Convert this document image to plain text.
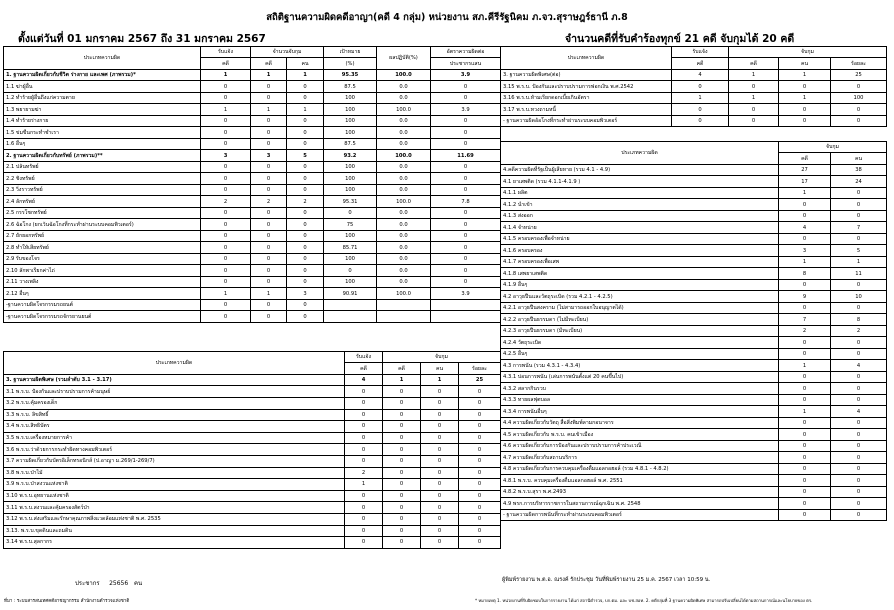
สถิติฐานความผิดคดีอาญา(คดี 4 กลุ่ม) หน่วยงาน สภ.คีรีรัฐนิคม ภ.จว.สุราษฎร์ธานี ภ.8
ตั้งแต่วันที่ 01 มกราคม 2567 ถึง 31 มกราคม 2567	จำนวนคดีที่รับคำร้องทุกข์ 21 คดี จับกุมได้ 20 คดี
ประเภทความผิด	รับแจ้ง	จำนวนจับกุม		เป้าหมาย	ผลปฏิบัติ(%)	อัตราความผิดต่อ
	คดี	คดี	คน	(%)		ประชากรแสน
1. ฐานความผิดเกี่ยวกับชีวิต ร่างกาย และเพศ (ภาพรวม)*	1	1	1	95.35	100.0	3.9
1.1 ฆ่าผู้อื่น	0	0	0	87.5	0.0	0
1.2 ทำร้ายผู้อื่นถึงแก่ความตาย	0	0	0	100	0.0	0
1.3 พยายามฆ่า	1	1	1	100	100.0	3.9
1.4 ทำร้ายร่างกาย	0	0	0	100	0.0	0
1.5 ข่มขืนกระทำชำเรา	0	0	0	100	0.0	0
1.6 อื่นๆ	0	0	0	87.5	0.0	0
2. ฐานความผิดเกี่ยวกับทรัพย์ (ภาพรวม)**	3	3	5	93.2	100.0	11.69
2.1 ปล้นทรัพย์	0	0	0	100	0.0	0
2.2 ชิงทรัพย์	0	0	0	100	0.0	0
2.3 วิ่งราวทรัพย์	0	0	0	100	0.0	0
2.4 ลักทรัพย์	2	2	2	95.31	100.0	7.8
2.5 กรรโชกทรัพย์	0	0	0	0	0.0	0
2.6 ฉ้อโกง (ยกเว้นฉ้อโกงที่กระทำผ่านระบบคอมพิวเตอร์)	0	0	0	75	0.0	0
2.7 ยักยอกทรัพย์	0	0	0	100	0.0	0
2.8 ทำให้เสียทรัพย์	0	0	0	85.71	0.0	0
2.9 รับของโจร	0	0	0	100	0.0	0
2.10 ลักพาเรียกค่าไถ่	0	0	0	0	0.0	0
2.11 วางเพลิง	0	0	0	100	0.0	0
2.12 อื่นๆ	1	1	3	90.91	100.0	3.9
-ฐานความผิดโจรกรรมรถยนต์	0	0	0			
-ฐานความผิดโจรกรรมรถจักรยานยนต์	0	0	0			
ประเภทความผิด	รับแจ้ง	จับกุม		
	คดี	คดี	คน	ร้อยละ
3. ฐานความผิดพิเศษ (รวมลำดับ 3.1 - 3.17)	4	1	1	25
3.1 พ.ร.บ. ป้องกันและปราบปรามการค้ามนุษย์	0	0	0	0
3.2 พ.ร.บ.คุ้มครองเด็ก	0	0	0	0
3.3 พ.ร.บ. ลิขสิทธิ์	0	0	0	0
3.4 พ.ร.บ.สิทธิบัตร	0	0	0	0
3.5 พ.ร.บ.เครื่องหมายการค้า	0	0	0	0
3.6 พ.ร.บ.ว่าด้วยการกระทำผิดทางคอมพิวเตอร์	0	0	0	0
3.7 ความผิดเกี่ยวกับบัตรอิเล็กทรอนิกส์ (ป.อาญา ม.269/1-269/7)	0	0	0	0
3.8 พ.ร.บ.ป่าไม้	2	0	0	0
3.9 พ.ร.บ.ป่าสงวนแห่งชาติ	1	0	0	0
3.10 พ.ร.บ.อุทยานแห่งชาติ	0	0	0	0
3.11 พ.ร.บ.สงวนและคุ้มครองสัตว์ป่า	0	0	0	0
3.12 พ.ร.บ.ส่งเสริมและรักษาคุณภาพสิ่งแวดล้อมแห่งชาติ พ.ศ. 2535	0	0	0	0
3.13. พ.ร.บ.ขุดดินและถมดิน	0	0	0	0
3.14 พ.ร.บ.สุลกากร	0	0	0	0
ประชากร 25656 คน
ประเภทความผิด	รับแจ้ง	จับกุม		
	คดี	คดี	คน	ร้อยละ
3. ฐานความผิดพิเศษ(ต่อ)	4	1	1	25
3.15 พ.ร.บ. ป้องกันและปราบปรามการฟอกเงิน พ.ศ.2542	0	0	0	0
3.16 พ.ร.บ.ห้ามเรียกดอกเบี้ยเกินอัตรา	1	1	1	100
3.17 พ.ร.บ.ทวงถามหนี้	0	0	0	0
- ฐานความผิดอ้อโกงที่กระทำผ่านระบบคอมพิวเตอร์	0	0	0	0
ประเภทความผิด	จับกุม	
	คดี	คน
4.คดีความผิดที่รัฐเป็นผู้เสียหาย (รวม 4.1 - 4.9)	27	38
4.1 ยาเสพติด (รวม 4.1.1-4.1.9 )	17	24
4.1.1 ผลิต	1	0
4.1.2 นำเข้า	0	0
4.1.3 ส่งออก	0	0
4.1.4 จำหน่าย	4	7
4.1.5 ครอบครองเพื่อจำหน่าย	0	0
4.1.6 ครอบครอง	3	5
4.1.7 ครอบครองเพื่อเสพ	1	1
4.1.8 เสพยาเสพติด	8	11
4.1.9 อื่นๆ	0	0
4.2 อาวุธปืนและวัตถุระเบิด (รวม 4.2.1 - 4.2.5)	9	10
4.2.1 อาวุธปืนสงคราม (ไม่สามารถออกใบอนุญาตได้)	0	0
4.2.2 อาวุธปืนธรรมดา (ไม่มีทะเบียน)	7	8
4.2.3 อาวุธปืนธรรมดา (มีทะเบียน)	2	2
4.2.4 วัตถุระเบิด	0	0
4.2.5 อื่นๆ	0	0
4.3 การพนัน (รวม 4.3.1 - 4.3.4)	1	4
4.3.1 บ่อนการพนัน (เล่นการพนันตั้งแต่ 20 คนขึ้นไป)	0	0
4.3.2 สลากกินรวบ	0	0
4.3.3 ทายผลฟุตบอล	0	0
4.3.4 การพนันอื่นๆ	1	4
4.4 ความผิดเกี่ยวกับวัตถุ สื่อสิ่งพิมพ์ลามกอนาจาร	0	0
4.5 ความผิดเกี่ยวกับ พ.ร.บ. คนเข้าเมือง	0	0
4.6 ความผิดเกี่ยวกับการป้องกันและปราบปรามการค้าประเวณี	0	0
4.7 ความผิดเกี่ยวกับสถานบริการ	0	0
4.8 ความผิดเกี่ยวกับการควบคุมเครื่องดื่มแอลกอฮอล์ (รวม 4.8.1 - 4.8.2)	0	0
4.8.1 พ.ร.บ. ควบคุมเครื่องดื่มแอลกอฮอล์ พ.ศ. 2551	0	0
4.8.2 พ.ร.บ.สุรา พ.ศ.2493	0	0
4.9 พรก.การบริหารราชการในสถานการณ์ฉุกเฉิน พ.ศ. 2548	0	0
- ฐานความผิดการพนันที่กระทำผ่านระบบคอมพิวเตอร์	0	0
ผู้พิมพ์รายงาน พ.ต.อ. ณรงค์ รักประชุม วันที่พิมพ์รายงาน 25 ม.ค. 2567 เวลา 10:59 น.
ที่มา : ระบบสารสนเทศคดีอาชญากรรม สำนักงานตำรวจแห่งชาติ	* หมายเหตุ 1. หน่วยงานที่รับผิดชอบในการรายงาน ได้แก่ สถานีตำรวจ, บก.ตม. และ บช.สอท. 2. คดีกลุ่มที่ 3 ฐานความผิดพิเศษ สามารถปรับเปลี่ยนได้ตามสถานการณ์และนโยบายของ ตร.
